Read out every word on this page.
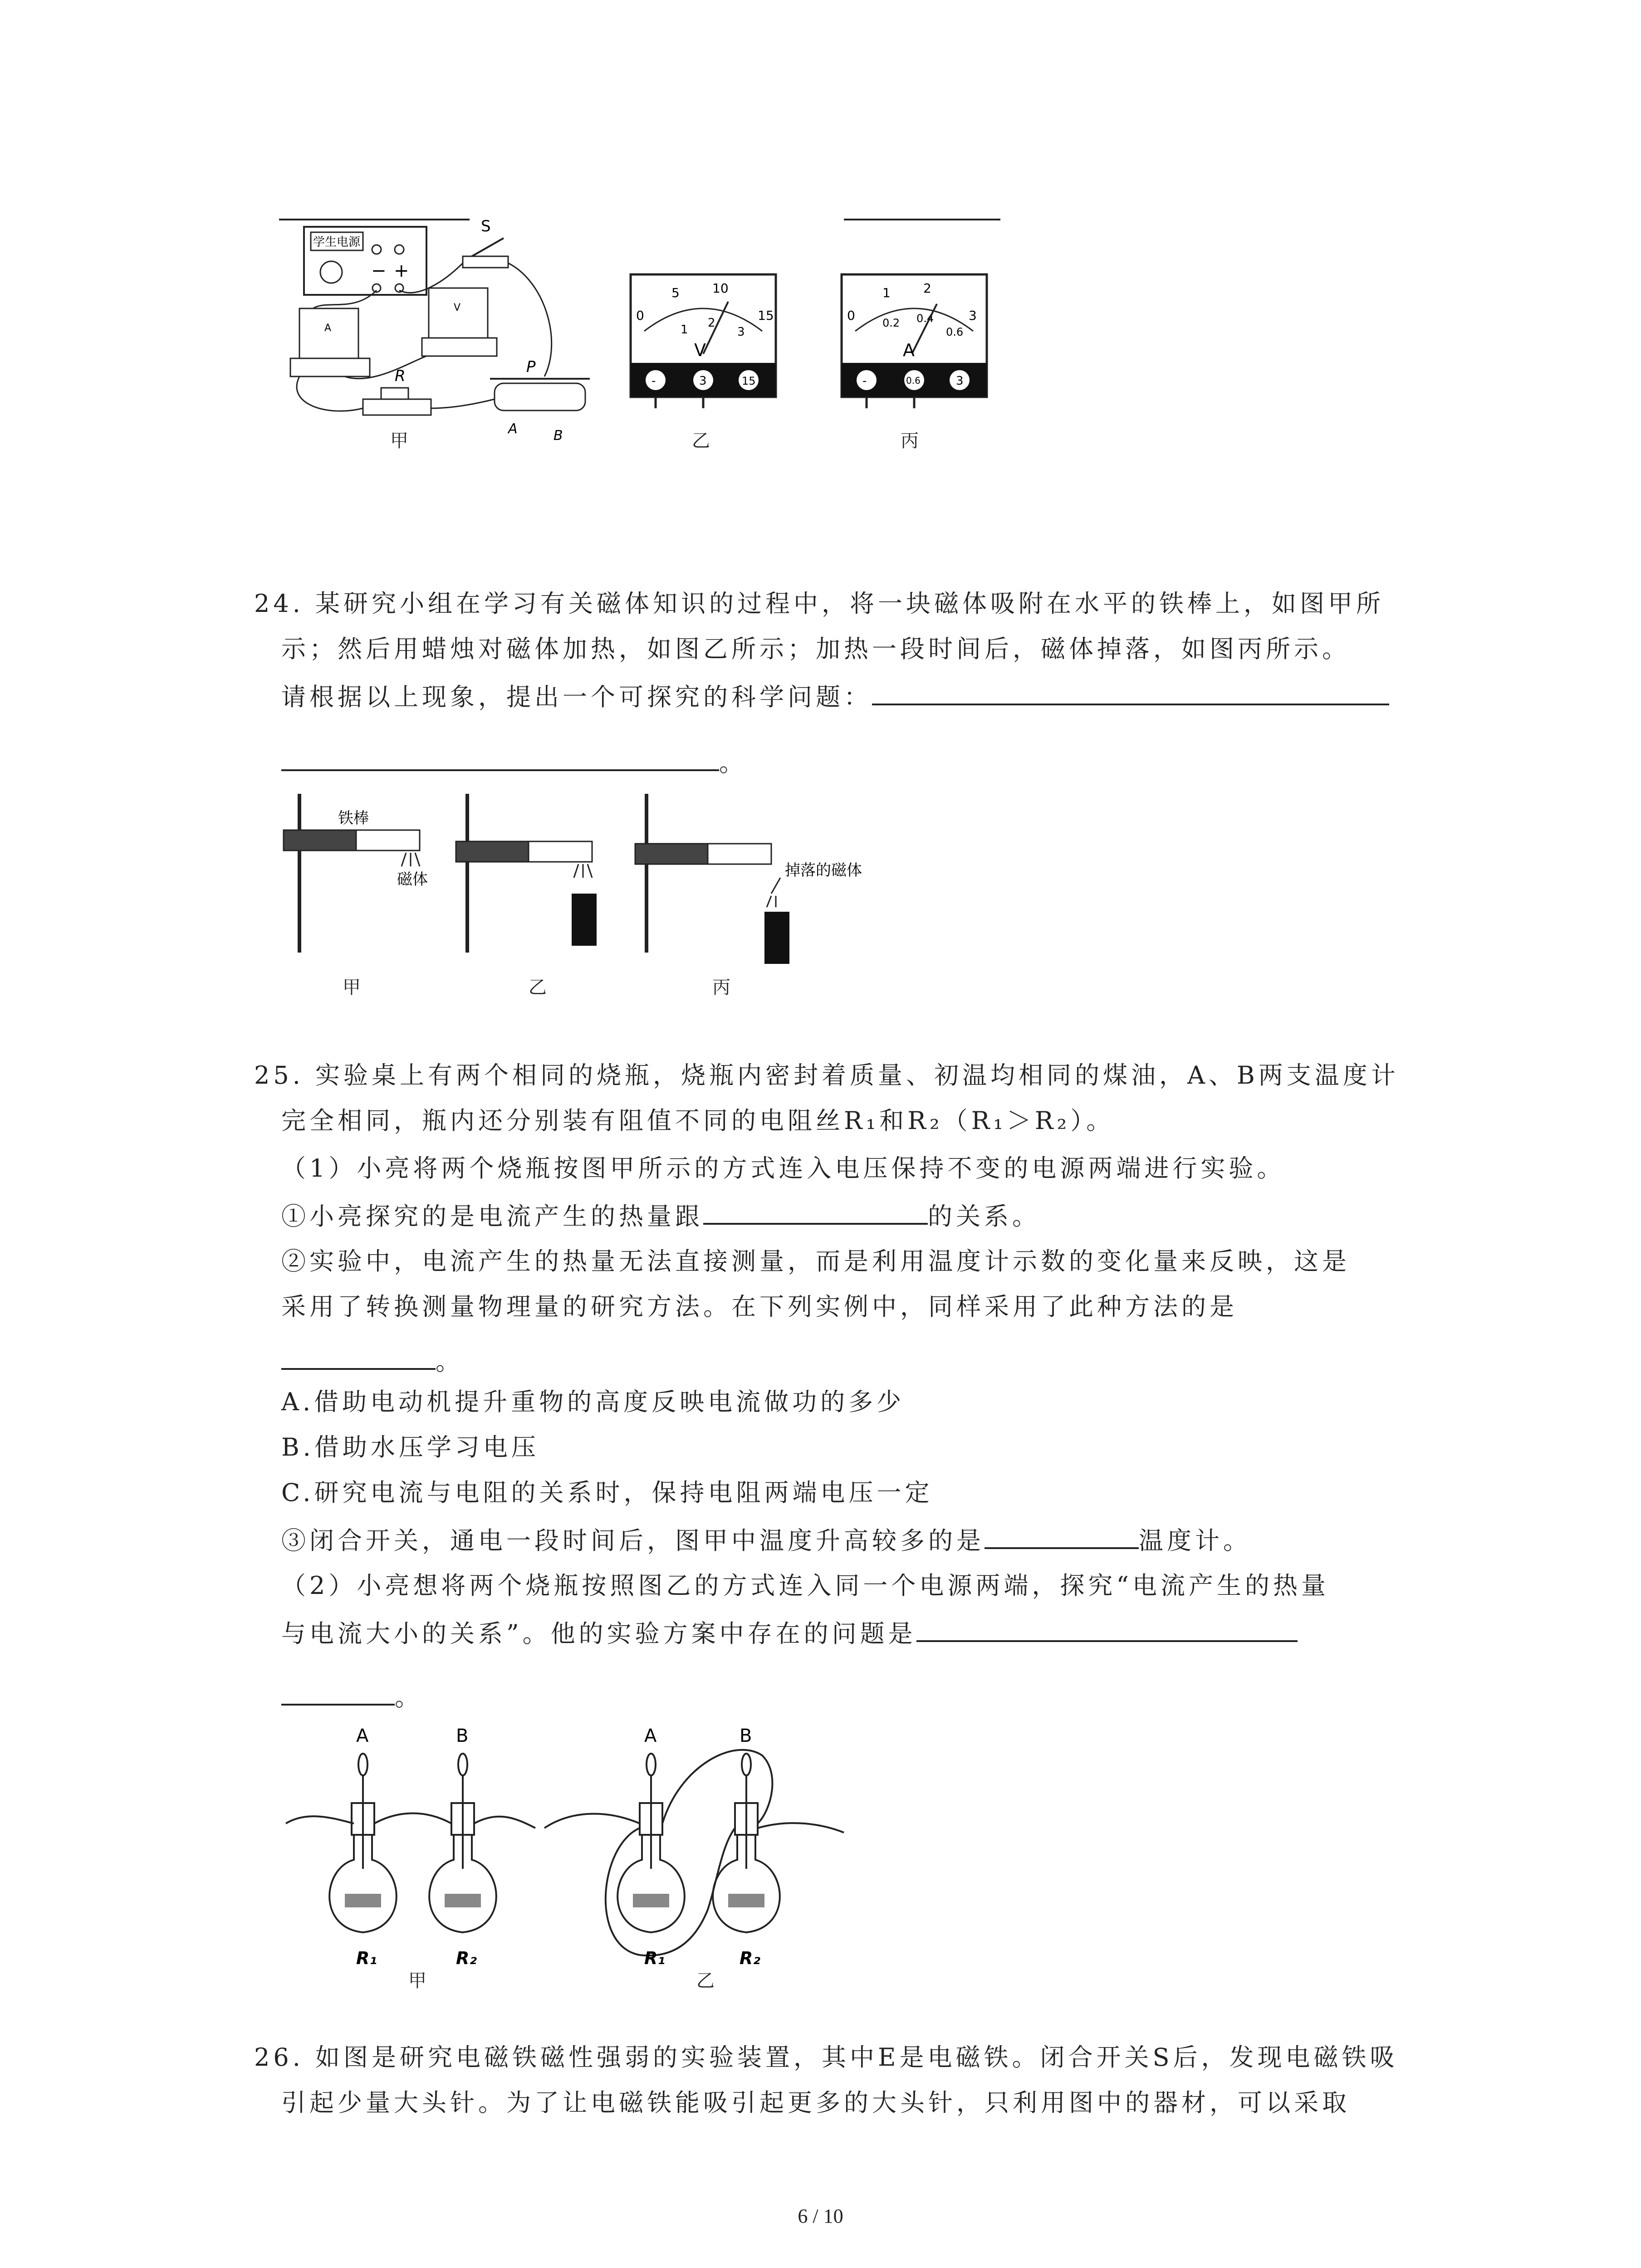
学生电源
− +
S
A
V
R	P
A	B
甲
0
5	10
15
1 2
3
V
-	3	15
乙
0
1	2
3
0.2 0.4
0.6
A
-	0.6	3
丙
24. 某研究小组在学习有关磁体知识的过程中，将一块磁体吸附在水平的铁棒上，如图甲所
示；然后用蜡烛对磁体加热，如图乙所示；加热一段时间后，磁体掉落，如图丙所示。
请根据以上现象，提出一个可探究的科学问题：
。
铁棒
磁体	掉落的磁体
甲	乙	丙
25. 实验桌上有两个相同的烧瓶，烧瓶内密封着质量、初温均相同的煤油，A、B两支温度计
完全相同，瓶内还分别装有阻值不同的电阻丝R₁和R₂（R₁＞R₂）。
（1）小亮将两个烧瓶按图甲所示的方式连入电压保持不变的电源两端进行实验。
①小亮探究的是电流产生的热量跟	的关系。
②实验中，电流产生的热量无法直接测量，而是利用温度计示数的变化量来反映，这是
采用了转换测量物理量的研究方法。在下列实例中，同样采用了此种方法的是
。
A.借助电动机提升重物的高度反映电流做功的多少
B.借助水压学习电压
C.研究电流与电阻的关系时，保持电阻两端电压一定
③闭合开关，通电一段时间后，图甲中温度升高较多的是	温度计。
（2）小亮想将两个烧瓶按照图乙的方式连入同一个电源两端，探究“电流产生的热量
与电流大小的关系”。他的实验方案中存在的问题是
。
A	B	A	B
R₁	R₂	R₁	R₂
甲	乙
26. 如图是研究电磁铁磁性强弱的实验装置，其中E是电磁铁。闭合开关S后，发现电磁铁吸
引起少量大头针。为了让电磁铁能吸引起更多的大头针，只利用图中的器材，可以采取
6 / 10
